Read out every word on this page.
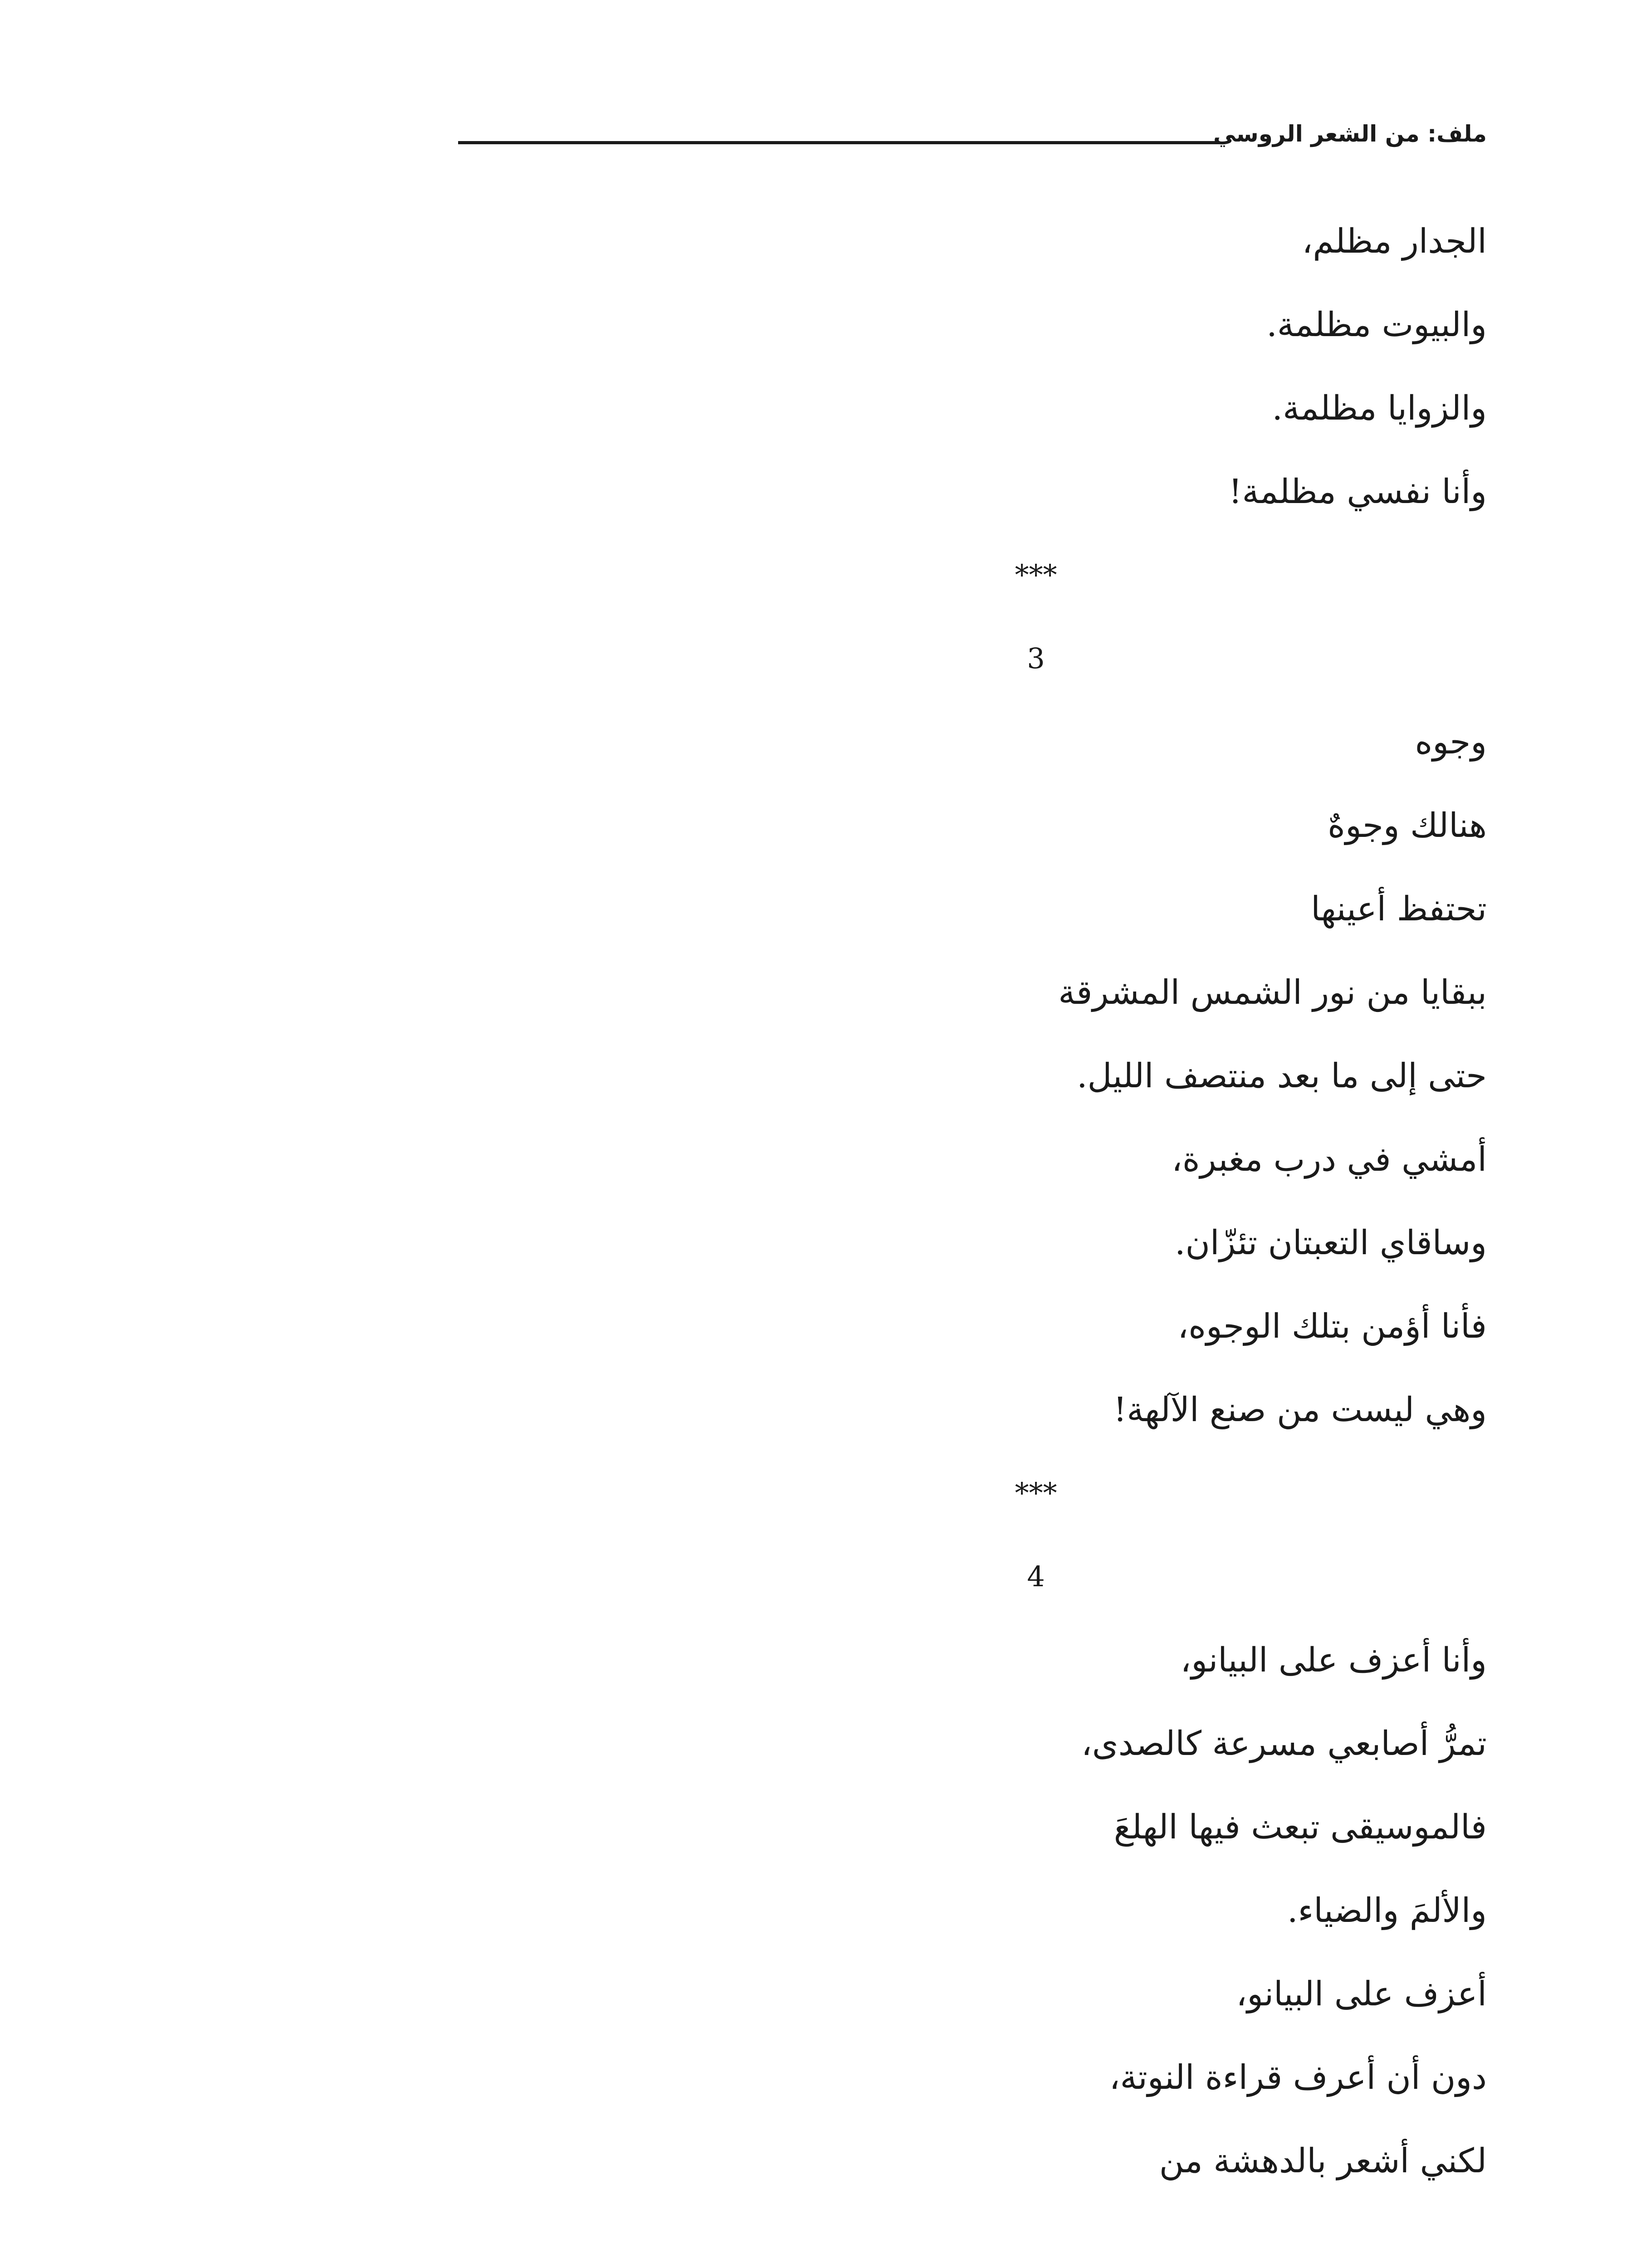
ملف: من الشعر الروسي
الجدار مظلم،
والبيوت مظلمة.
والزوايا مظلمة.
وأنا نفسي مظلمة!
***
3
وجوه
هنالك وجوهٌ
تحتفظ أعينها
ببقايا من نور الشمس المشرقة
حتى إلى ما بعد منتصف الليل.
أمشي في درب مغبرة،
وساقاي التعبتان تئزّان.
فأنا أؤمن بتلك الوجوه،
وهي ليست من صنع الآلهة!
***
4
وأنا أعزف على البيانو،
تمرُّ أصابعي مسرعة كالصدى،
فالموسيقى تبعث فيها الهلعَ
والألمَ والضياء.
أعزف على البيانو،
دون أن أعرف قراءة النوتة،
لكني أشعر بالدهشة من
